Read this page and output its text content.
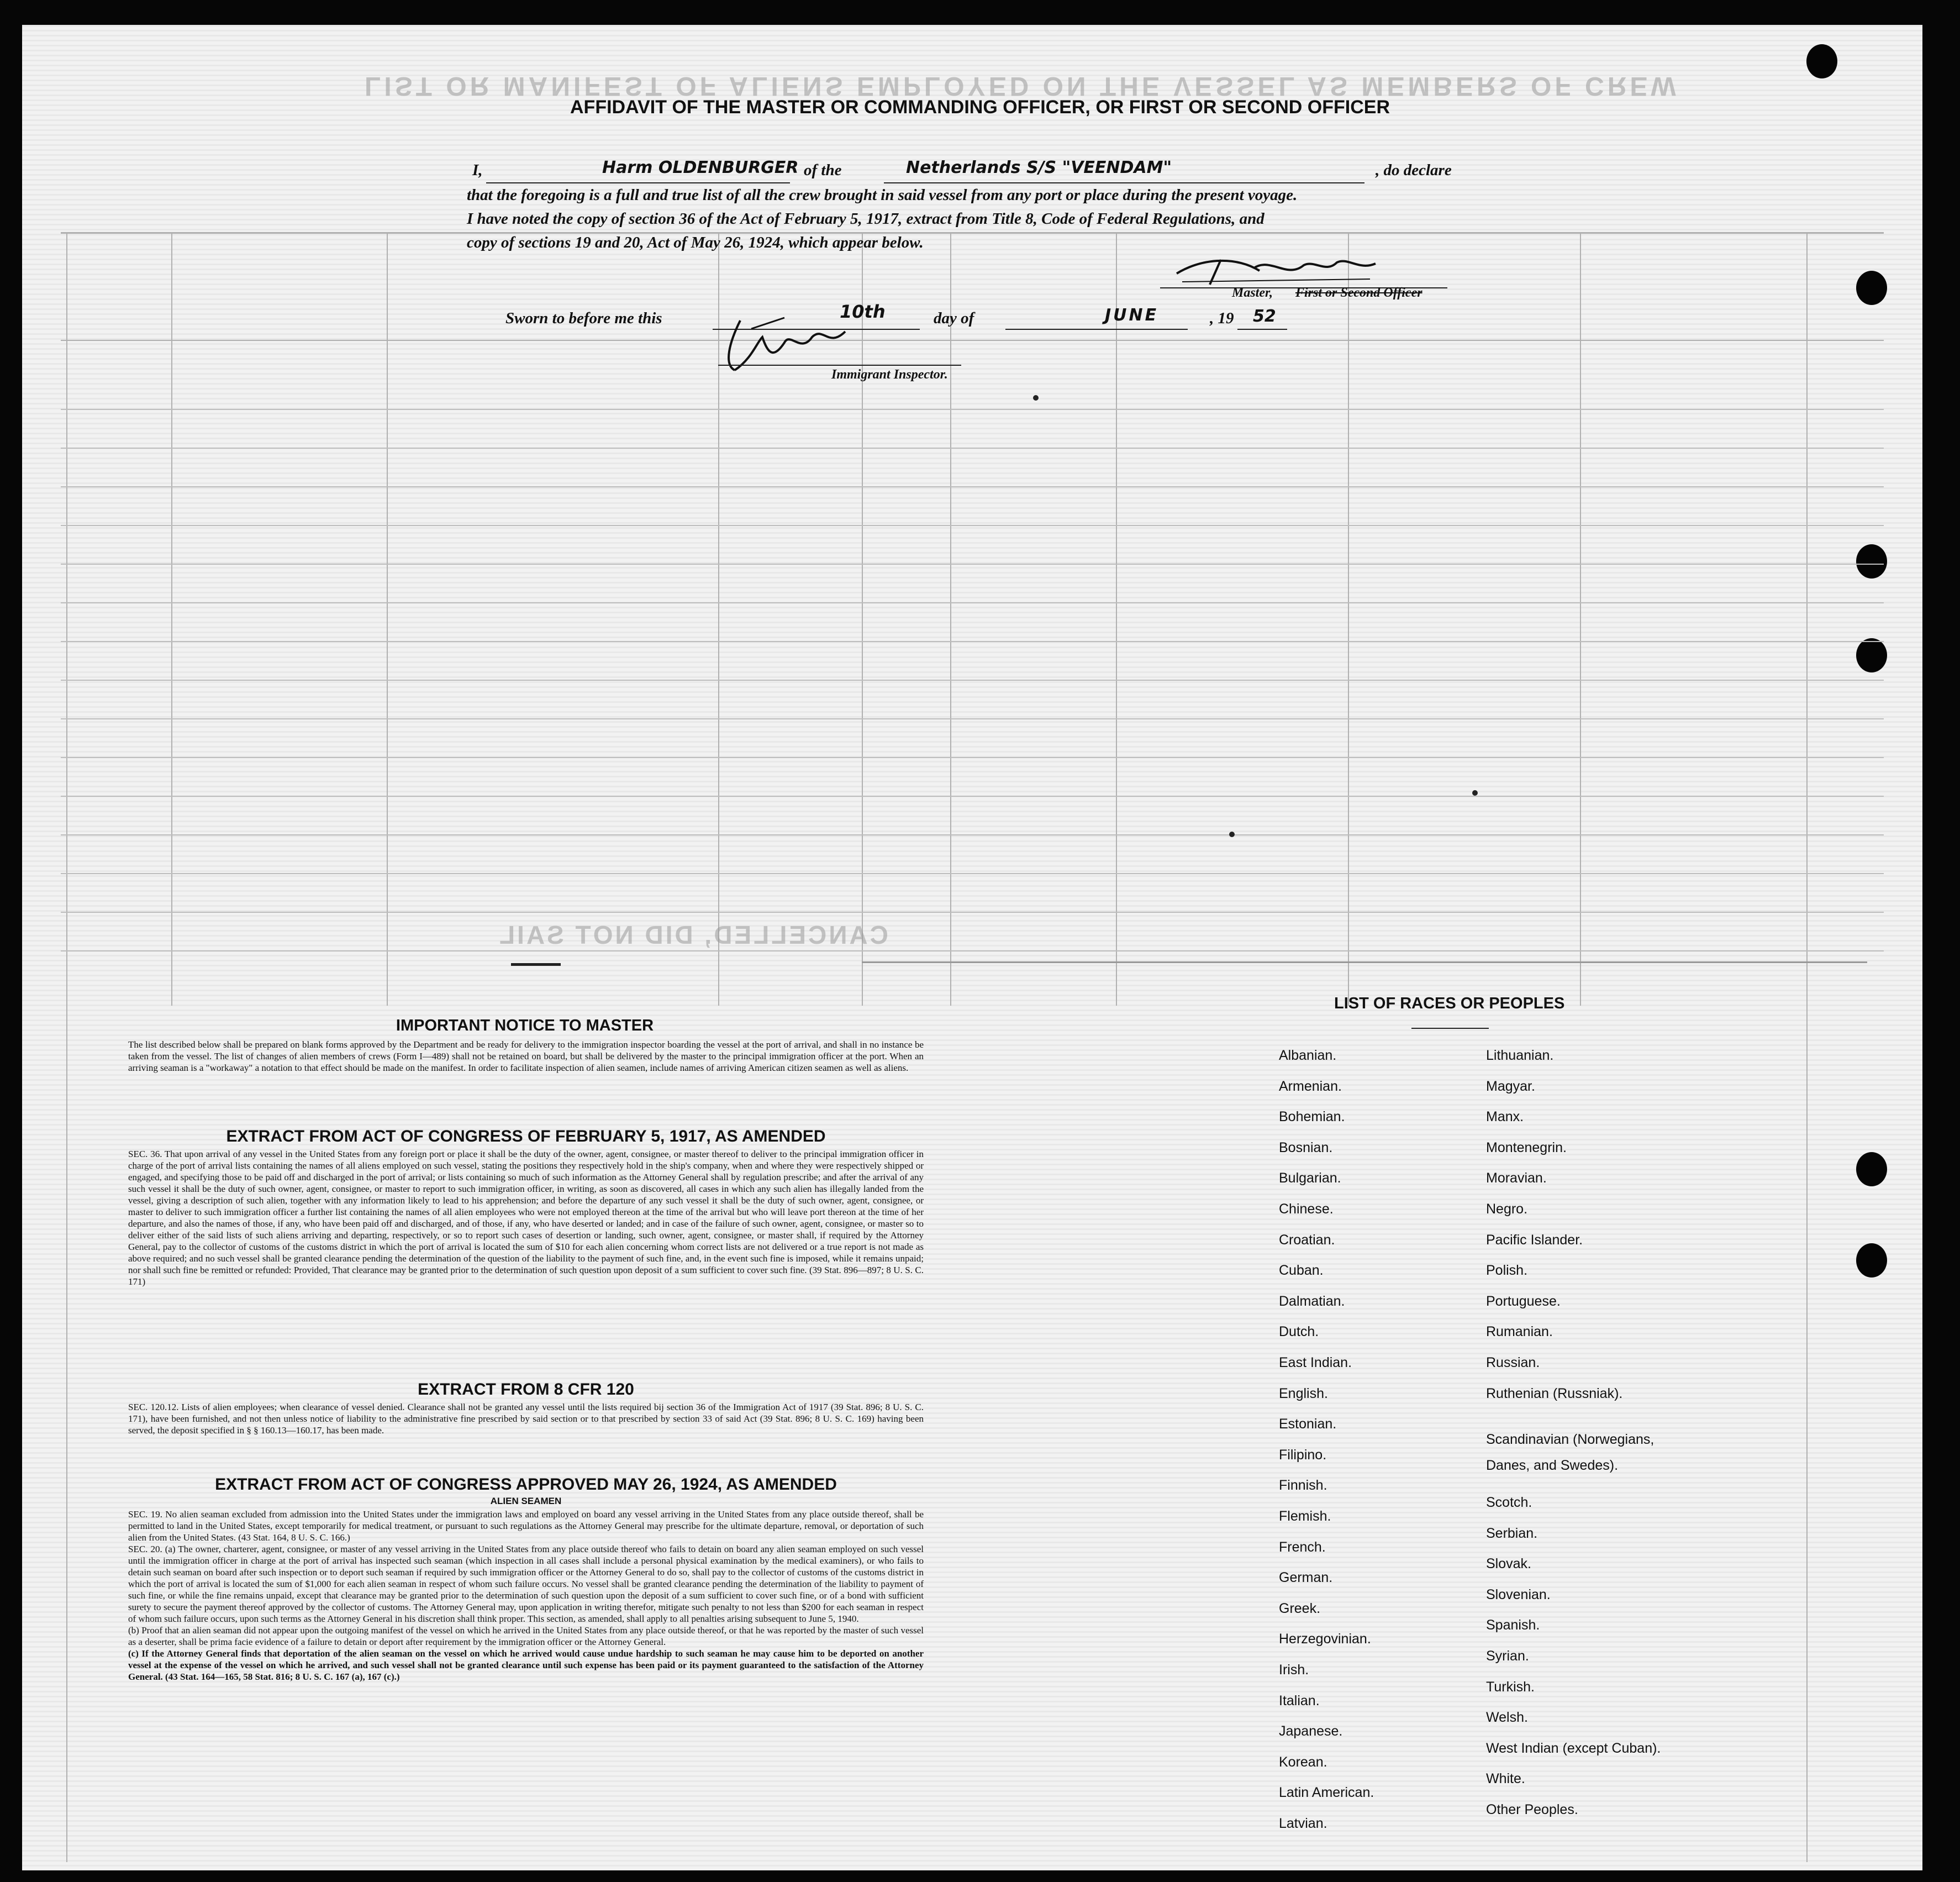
LIST OR MANIFEST OF ALIENS EMPLOYED ON THE VESSEL AS MEMBERS OF CREW
CANCELLED, DID NOT SAIL
AFFIDAVIT OF THE MASTER OR COMMANDING OFFICER, OR FIRST OR SECOND OFFICER
I,	Harm OLDENBURGER of the	Netherlands S/S "VEENDAM"	, do declare
that the foregoing is a full and true list of all the crew brought in said vessel from any port or place during the present voyage.
I have noted the copy of section 36 of the Act of February 5, 1917, extract from Title 8, Code of Federal Regulations, and
copy of sections 19 and 20, Act of May 26, 1924, which appear below.
Master, First or Second Officer
Sworn to before me this	10th	day of	JUNE	, 19 52
Immigrant Inspector.
IMPORTANT NOTICE TO MASTER
The list described below shall be prepared on blank forms approved by the Department and be ready for delivery to the immigration inspector boarding the vessel at the port of arrival, and shall in no instance be taken from the vessel. The list of changes of alien members of crews (Form I—489) shall not be retained on board, but shall be delivered by the master to the principal immigration officer at the port. When an arriving seaman is a "workaway" a notation to that effect should be made on the manifest. In order to facilitate inspection of alien seamen, include names of arriving American citizen seamen as well as aliens.
EXTRACT FROM ACT OF CONGRESS OF FEBRUARY 5, 1917, AS AMENDED
SEC. 36. That upon arrival of any vessel in the United States from any foreign port or place it shall be the duty of the owner, agent, consignee, or master thereof to deliver to the principal immigration officer in charge of the port of arrival lists containing the names of all aliens employed on such vessel, stating the positions they respectively hold in the ship's company, when and where they were respectively shipped or engaged, and specifying those to be paid off and discharged in the port of arrival; or lists containing so much of such information as the Attorney General shall by regulation prescribe; and after the arrival of any such vessel it shall be the duty of such owner, agent, consignee, or master to report to such immigration officer, in writing, as soon as discovered, all cases in which any such alien has illegally landed from the vessel, giving a description of such alien, together with any information likely to lead to his apprehension; and before the departure of any such vessel it shall be the duty of such owner, agent, consignee, or master to deliver to such immigration officer a further list containing the names of all alien employees who were not employed thereon at the time of the arrival but who will leave port thereon at the time of her departure, and also the names of those, if any, who have been paid off and discharged, and of those, if any, who have deserted or landed; and in case of the failure of such owner, agent, consignee, or master so to deliver either of the said lists of such aliens arriving and departing, respectively, or so to report such cases of desertion or landing, such owner, agent, consignee, or master shall, if required by the Attorney General, pay to the collector of customs of the customs district in which the port of arrival is located the sum of $10 for each alien concerning whom correct lists are not delivered or a true report is not made as above required; and no such vessel shall be granted clearance pending the determination of the question of the liability to the payment of such fine, and, in the event such fine is imposed, while it remains unpaid; nor shall such fine be remitted or refunded: Provided, That clearance may be granted prior to the determination of such question upon deposit of a sum sufficient to cover such fine. (39 Stat. 896—897; 8 U. S. C. 171)
EXTRACT FROM 8 CFR 120
SEC. 120.12. Lists of alien employees; when clearance of vessel denied. Clearance shall not be granted any vessel until the lists required bij section 36 of the Immigration Act of 1917 (39 Stat. 896; 8 U. S. C. 171), have been furnished, and not then unless notice of liability to the administrative fine prescribed by said section or to that prescribed by section 33 of said Act (39 Stat. 896; 8 U. S. C. 169) having been served, the deposit specified in § § 160.13—160.17, has been made.
EXTRACT FROM ACT OF CONGRESS APPROVED MAY 26, 1924, AS AMENDED
ALIEN SEAMEN

SEC. 19. No alien seaman excluded from admission into the United States under the immigration laws and employed on board any vessel arriving in the United States from any place outside thereof, shall be permitted to land in the United States, except temporarily for medical treatment, or pursuant to such regulations as the Attorney General may prescribe for the ultimate departure, removal, or deportation of such alien from the United States. (43 Stat. 164, 8 U. S. C. 166.)

SEC. 20. (a) The owner, charterer, agent, consignee, or master of any vessel arriving in the United States from any place outside thereof who fails to detain on board any alien seaman employed on such vessel until the immigration officer in charge at the port of arrival has inspected such seaman (which inspection in all cases shall include a personal physical examination by the medical examiners), or who fails to detain such seaman on board after such inspection or to deport such seaman if required by such immigration officer or the Attorney General to do so, shall pay to the collector of customs of the customs district in which the port of arrival is located the sum of $1,000 for each alien seaman in respect of whom such failure occurs. No vessel shall be granted clearance pending the determination of the liability to payment of such fine, or while the fine remains unpaid, except that clearance may be granted prior to the determination of such question upon the deposit of a sum sufficient to cover such fine, or of a bond with sufficient surety to secure the payment thereof approved by the collector of customs. The Attorney General may, upon application in writing therefor, mitigate such penalty to not less than $200 for each seaman in respect of whom such failure occurs, upon such terms as the Attorney General in his discretion shall think proper. This section, as amended, shall apply to all penalties arising subsequent to June 5, 1940.

(b) Proof that an alien seaman did not appear upon the outgoing manifest of the vessel on which he arrived in the United States from any place outside thereof, or that he was reported by the master of such vessel as a deserter, shall be prima facie evidence of a failure to detain or deport after requirement by the immigration officer or the Attorney General.

(c) If the Attorney General finds that deportation of the alien seaman on the vessel on which he arrived would cause undue hardship to such seaman he may cause him to be deported on another vessel at the expense of the vessel on which he arrived, and such vessel shall not be granted clearance until such expense has been paid or its payment guaranteed to the satisfaction of the Attorney General. (43 Stat. 164—165, 58 Stat. 816; 8 U. S. C. 167 (a), 167 (c).)

LIST OF RACES OR PEOPLES
Albanian.
Armenian.
Bohemian.
Bosnian.
Bulgarian.
Chinese.
Croatian.
Cuban.
Dalmatian.
Dutch.
East Indian.
English.
Estonian.
Filipino.
Finnish.
Flemish.
French.
German.
Greek.
Herzegovinian.
Irish.
Italian.
Japanese.
Korean.
Latin American.
Latvian.
Lithuanian.
Magyar.
Manx.
Montenegrin.
Moravian.
Negro.
Pacific Islander.
Polish.
Portuguese.
Rumanian.
Russian.
Ruthenian (Russniak).
Scandinavian (Norwegians,
Danes, and Swedes).
Scotch.
Serbian.
Slovak.
Slovenian.
Spanish.
Syrian.
Turkish.
Welsh.
West Indian (except Cuban).
White.
Other Peoples.
